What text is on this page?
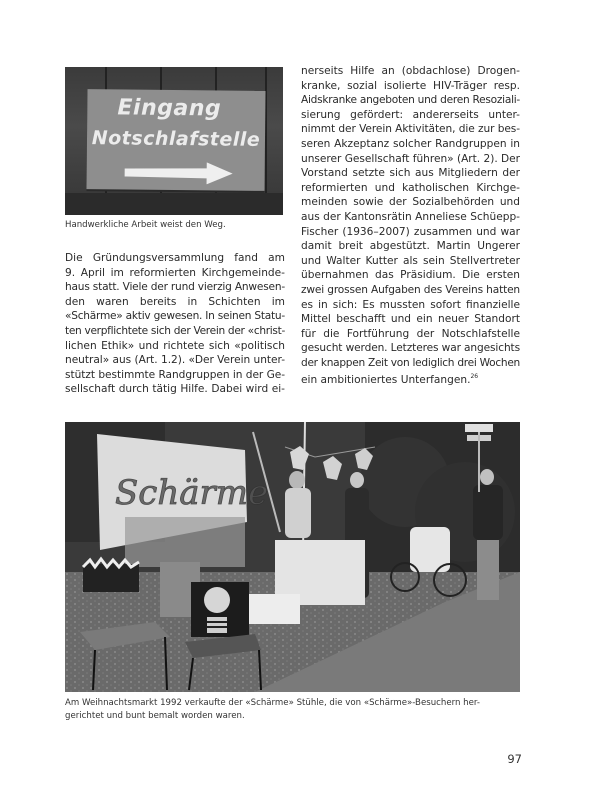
Eingang
Notschlafstelle
Handwerkliche Arbeit weist den Weg.
Die Gründungsversammlung fand am
9. April im reformierten Kirchgemeinde-
haus statt. Viele der rund vierzig Anwesen-
den waren bereits in Schichten im
«Schärme» aktiv gewesen. In seinen Statu-
ten verpflichtete sich der Verein der «christ-
lichen Ethik» und richtete sich «politisch
neutral» aus (Art. 1.2). «Der Verein unter-
stützt bestimmte Randgruppen in der Ge-
sellschaft durch tätig Hilfe. Dabei wird ei-
nerseits Hilfe an (obdachlose) Drogen-
kranke, sozial isolierte HIV-Träger resp.
Aidskranke angeboten und deren Resoziali-
sierung gefördert: andererseits unter-
nimmt der Verein Aktivitäten, die zur bes-
seren Akzeptanz solcher Randgruppen in
unserer Gesellschaft führen» (Art. 2). Der
Vorstand setzte sich aus Mitgliedern der
reformierten und katholischen Kirchge-
meinden sowie der Sozialbehörden und
aus der Kantonsrätin Anneliese Schüepp-
Fischer (1936–2007) zusammen und war
damit breit abgestützt. Martin Ungerer
und Walter Kutter als sein Stellvertreter
übernahmen das Präsidium. Die ersten
zwei grossen Aufgaben des Vereins hatten
es in sich: Es mussten sofort finanzielle
Mittel beschafft und ein neuer Standort
für die Fortführung der Notschlafstelle
gesucht werden. Letzteres war angesichts
der knappen Zeit von lediglich drei Wochen
ein ambitioniertes Unterfangen.$^{26}$
Schärme
Am Weihnachtsmarkt 1992 verkaufte der «Schärme» Stühle, die von «Schärme»-Besuchern her-
gerichtet und bunt bemalt worden waren.
97
